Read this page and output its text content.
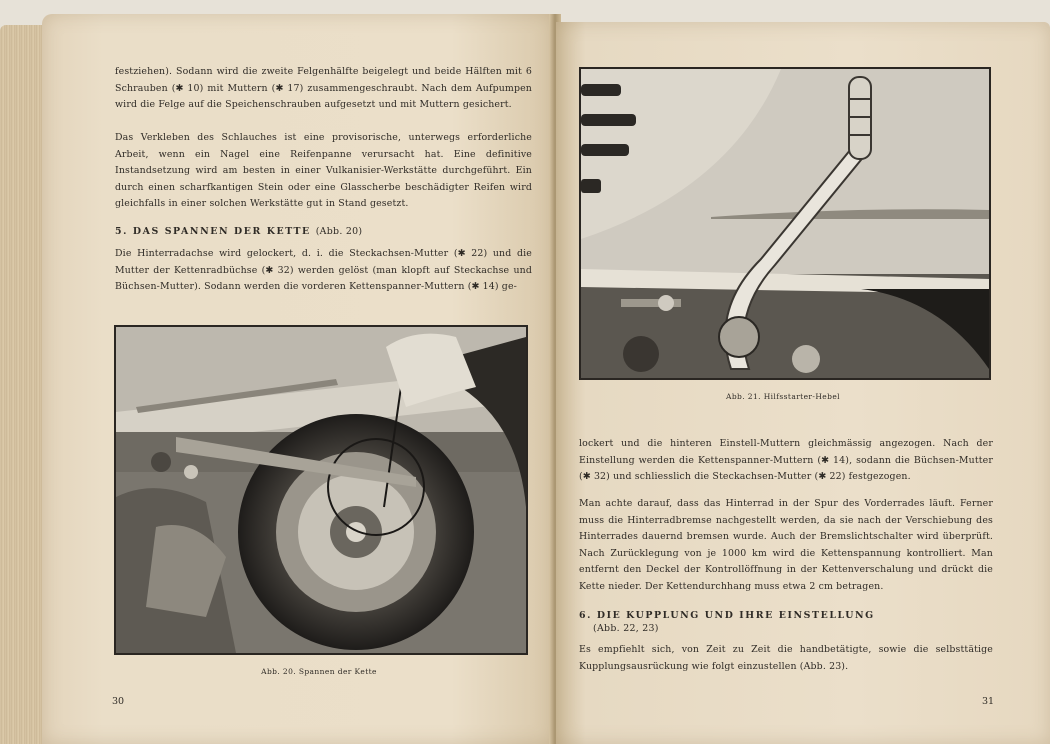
festziehen). Sodann wird die zweite Felgenhälfte beigelegt und beide Hälften mit 6 Schrauben (✱ 10) mit Muttern (✱ 17) zusammengeschraubt. Nach dem Aufpumpen wird die Felge auf die Speichenschrauben aufgesetzt und mit Muttern gesichert.

Das Verkleben des Schlauches ist eine provisorische, unterwegs erforderliche Arbeit, wenn ein Nagel eine Reifenpanne verursacht hat. Eine definitive Instandsetzung wird am besten in einer Vulkanisier-Werkstätte durchgeführt. Ein durch einen scharfkantigen Stein oder eine Glasscherbe beschädigter Reifen wird gleichfalls in einer solchen Werkstätte gut in Stand gesetzt.

5. DAS SPANNEN DER KETTE (Abb. 20)

Die Hinterradachse wird gelockert, d. i. die Steckachsen-Mutter (✱ 22) und die Mutter der Kettenradbüchse (✱ 32) werden gelöst (man klopft auf Steckachse und Büchsen-Mutter). Sodann werden die vorderen Kettenspanner-Muttern (✱ 14) ge-

Abb. 20. Spannen der Kette
30
Abb. 21. Hilfsstarter-Hebel

lockert und die hinteren Einstell-Muttern gleichmässig angezogen. Nach der Einstellung werden die Kettenspanner-Muttern (✱ 14), sodann die Büchsen-Mutter (✱ 32) und schliesslich die Steckachsen-Mutter (✱ 22) festgezogen.

Man achte darauf, dass das Hinterrad in der Spur des Vorderrades läuft. Ferner muss die Hinterradbremse nachgestellt werden, da sie nach der Verschiebung des Hinterrades dauernd bremsen wurde. Auch der Bremslichtschalter wird überprüft. Nach Zurücklegung von je 1000 km wird die Kettenspannung kontrolliert. Man entfernt den Deckel der Kontrollöffnung in der Kettenverschalung und drückt die Kette nieder. Der Kettendurchhang muss etwa 2 cm betragen.

6. DIE KUPPLUNG UND IHRE EINSTELLUNG
(Abb. 22, 23)

Es empfiehlt sich, von Zeit zu Zeit die handbetätigte, sowie die selbsttätige Kupplungsausrückung wie folgt einzustellen (Abb. 23).

31
